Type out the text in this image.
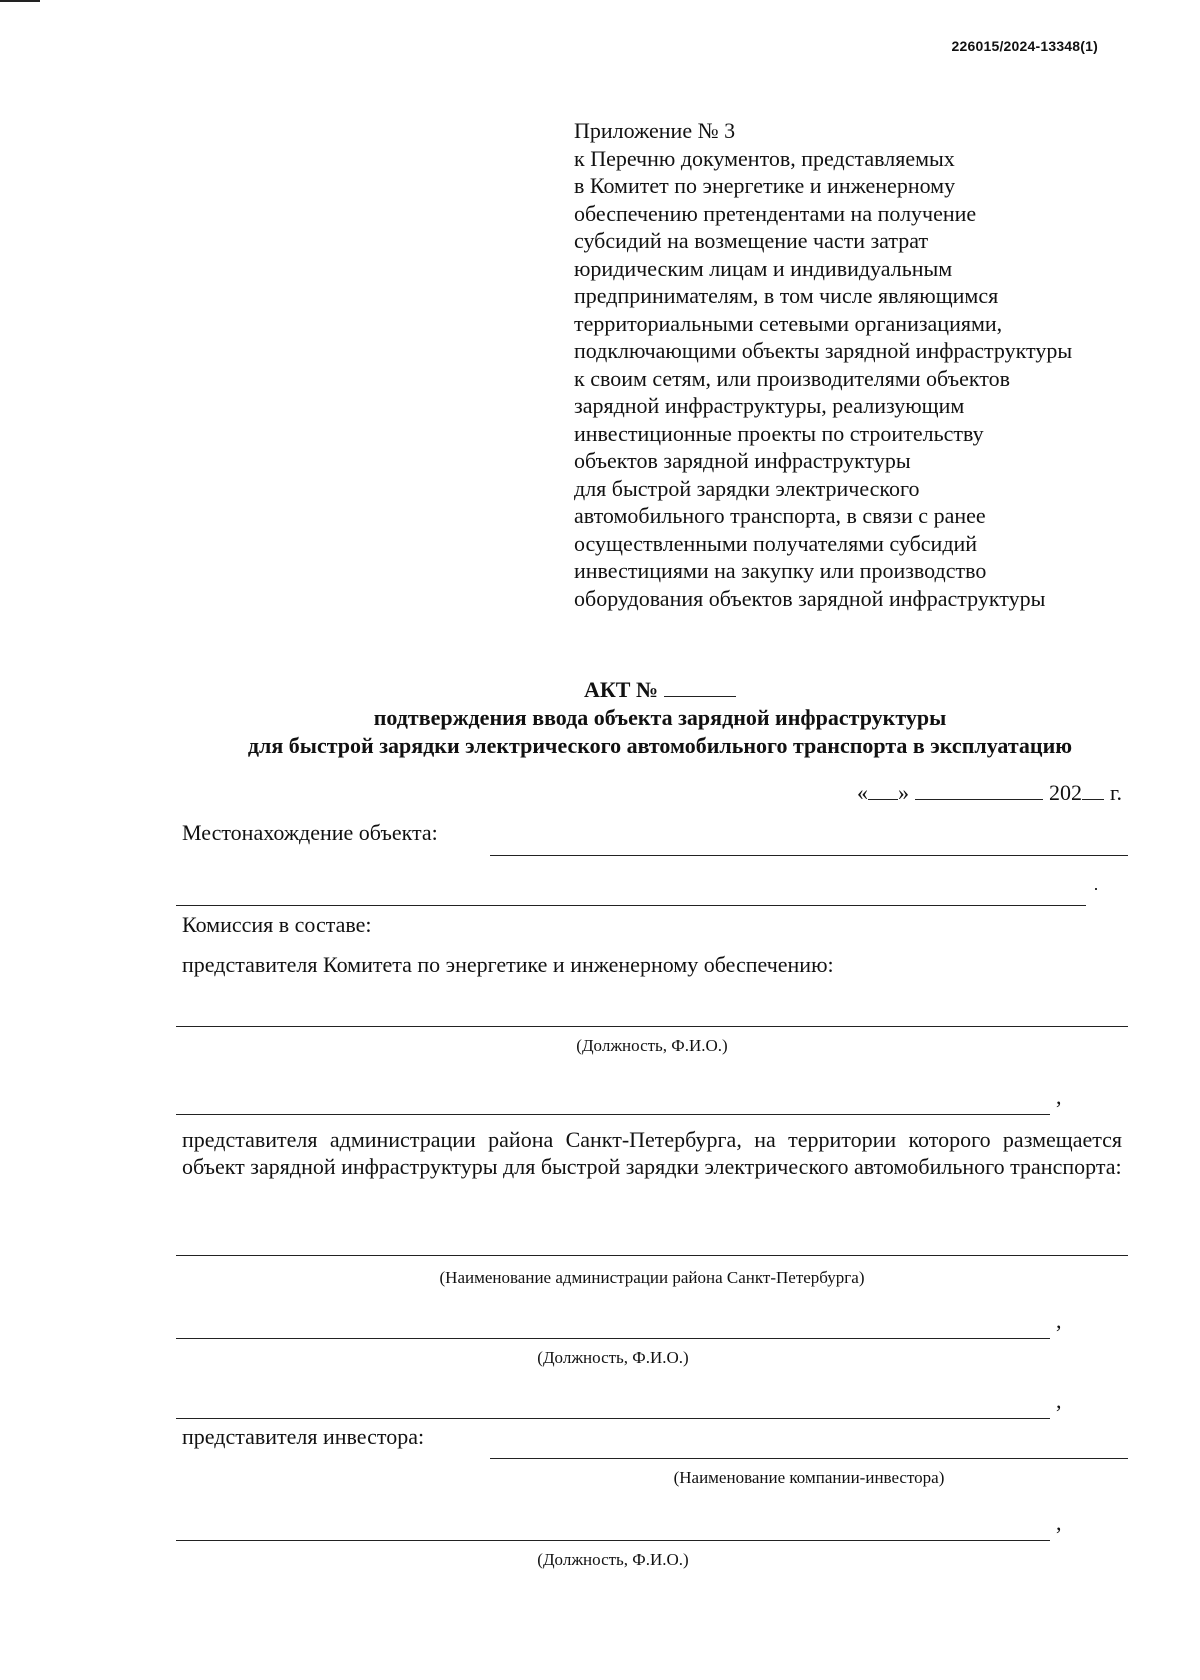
226015/2024-13348(1)
Приложение № 3
к Перечню документов, представляемых
в Комитет по энергетике и инженерному
обеспечению претендентами на получение
субсидий на возмещение части затрат
юридическим лицам и индивидуальным
предпринимателям, в том числе являющимся
территориальными сетевыми организациями,
подключающими объекты зарядной инфраструктуры
к своим сетям, или производителями объектов
зарядной инфраструктуры, реализующим
инвестиционные проекты по строительству
объектов зарядной инфраструктуры
для быстрой зарядки электрического
автомобильного транспорта, в связи с ранее
осуществленными получателями субсидий
инвестициями на закупку или производство
оборудования объектов зарядной инфраструктуры
АКТ №
подтверждения ввода объекта зарядной инфраструктуры
для быстрой зарядки электрического автомобильного транспорта в эксплуатацию
« »	202 г.
Местонахождение объекта:
Комиссия в составе:
представителя Комитета по энергетике и инженерному обеспечению:
(Должность, Ф.И.О.)
,
представителя администрации района Санкт-Петербурга, на территории которого размещается объект зарядной инфраструктуры для быстрой зарядки электрического автомобильного транспорта:
(Наименование администрации района Санкт-Петербурга)
,
(Должность, Ф.И.О.)
,
представителя инвестора:
(Наименование компании-инвестора)
,
(Должность, Ф.И.О.)
